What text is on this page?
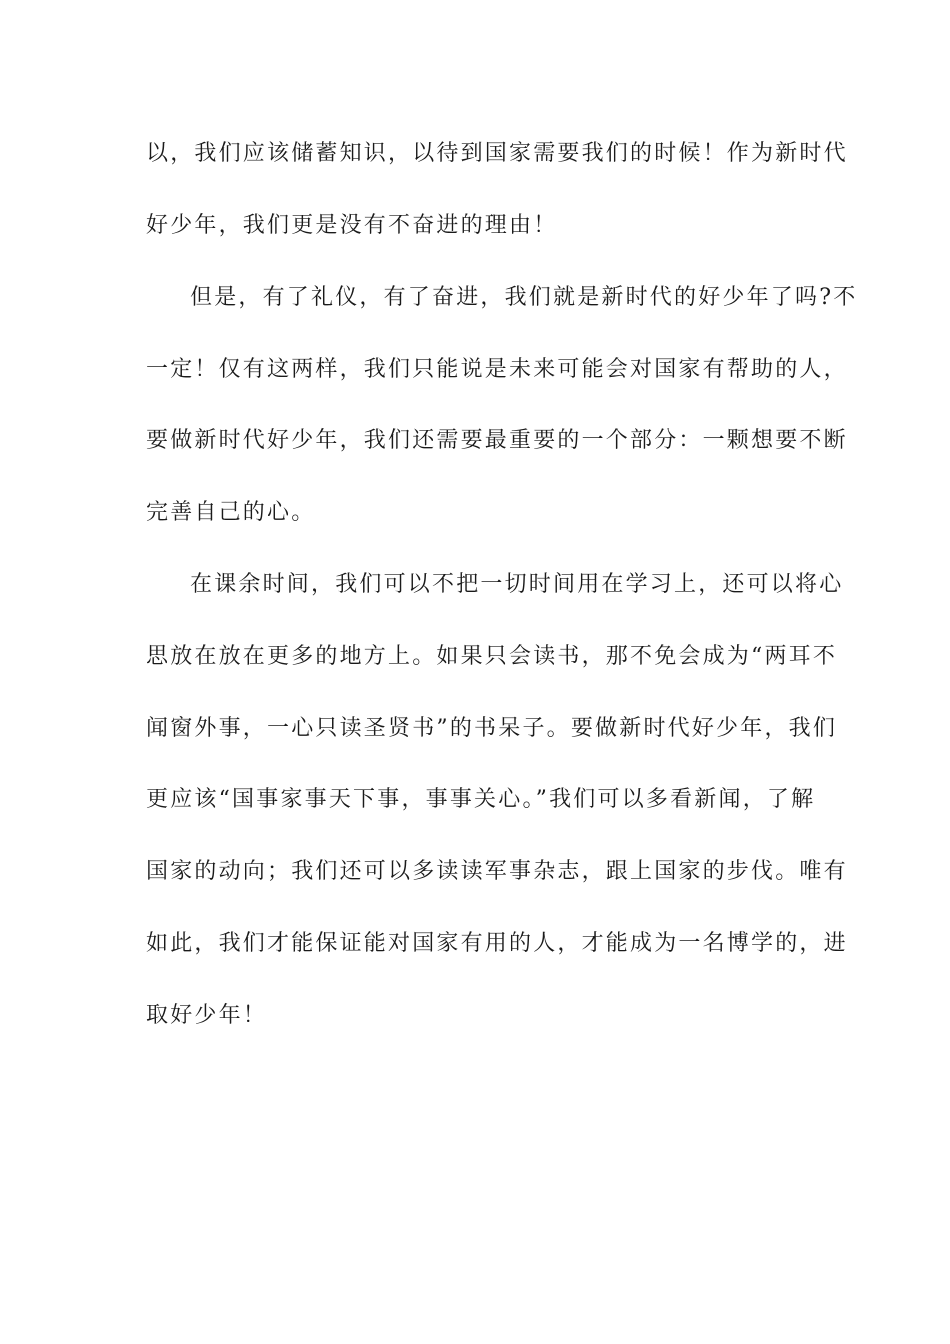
以，我们应该储蓄知识，以待到国家需要我们的时候！作为新时代
好少年，我们更是没有不奋进的理由！
但是，有了礼仪，有了奋进，我们就是新时代的好少年了吗?不
一定！仅有这两样，我们只能说是未来可能会对国家有帮助的人，
要做新时代好少年，我们还需要最重要的一个部分：一颗想要不断
完善自己的心。
在课余时间，我们可以不把一切时间用在学习上，还可以将心
思放在放在更多的地方上。如果只会读书，那不免会成为“两耳不
闻窗外事，一心只读圣贤书”的书呆子。要做新时代好少年，我们
更应该“国事家事天下事，事事关心。”我们可以多看新闻，了解
国家的动向；我们还可以多读读军事杂志，跟上国家的步伐。唯有
如此，我们才能保证能对国家有用的人，才能成为一名博学的，进
取好少年！
